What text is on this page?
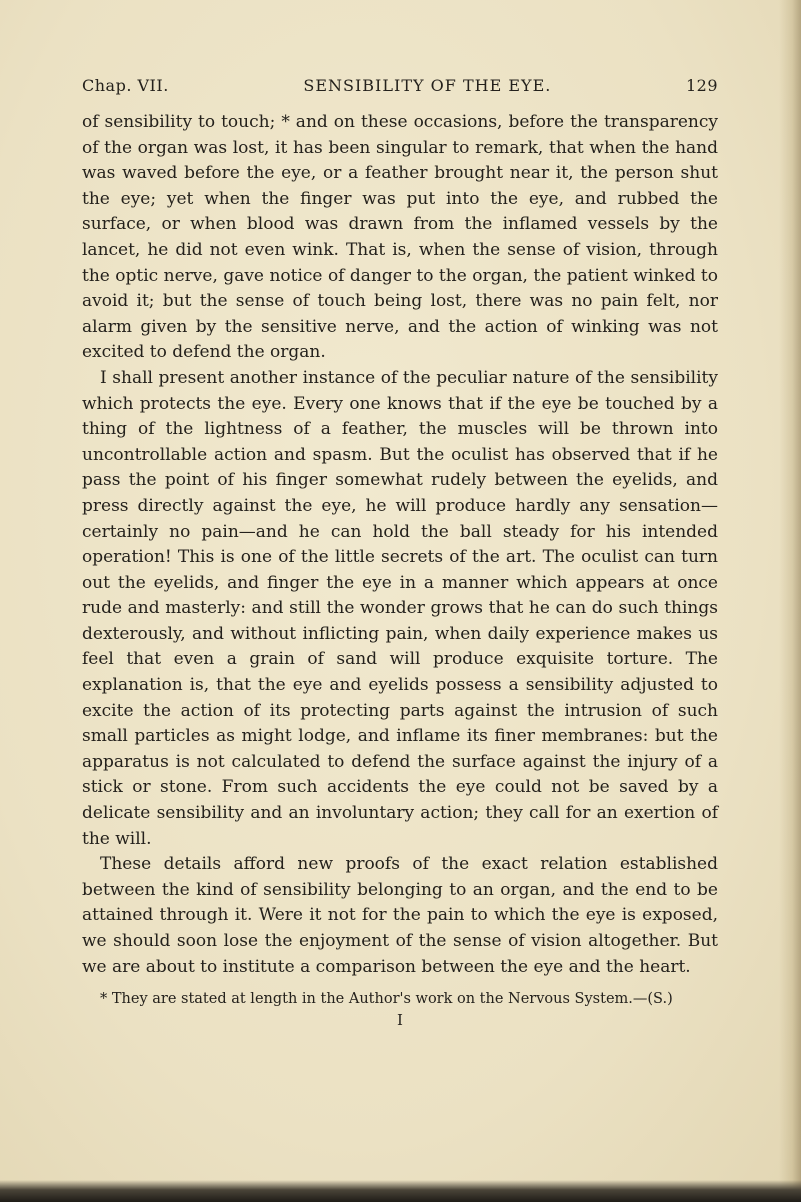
Chap. VII.	SENSIBILITY OF THE EYE.	129

of sensibility to touch; * and on these occasions, before the transparency of the organ was lost, it has been singular to remark, that when the hand was waved before the eye, or a feather brought near it, the person shut the eye; yet when the finger was put into the eye, and rubbed the surface, or when blood was drawn from the inflamed vessels by the lancet, he did not even wink. That is, when the sense of vision, through the optic nerve, gave notice of danger to the organ, the patient winked to avoid it; but the sense of touch being lost, there was no pain felt, nor alarm given by the sensitive nerve, and the action of winking was not excited to defend the organ.

I shall present another instance of the peculiar nature of the sensibility which protects the eye. Every one knows that if the eye be touched by a thing of the lightness of a feather, the muscles will be thrown into uncontrollable action and spasm. But the oculist has observed that if he pass the point of his finger somewhat rudely between the eyelids, and press directly against the eye, he will produce hardly any sensation—certainly no pain—and he can hold the ball steady for his intended operation! This is one of the little secrets of the art. The oculist can turn out the eyelids, and finger the eye in a manner which appears at once rude and masterly: and still the wonder grows that he can do such things dexterously, and without inflicting pain, when daily experience makes us feel that even a grain of sand will produce exquisite torture. The explanation is, that the eye and eyelids possess a sensibility adjusted to excite the action of its protecting parts against the intrusion of such small particles as might lodge, and inflame its finer membranes: but the apparatus is not calculated to defend the surface against the injury of a stick or stone. From such accidents the eye could not be saved by a delicate sensibility and an involuntary action; they call for an exertion of the will.

These details afford new proofs of the exact relation established between the kind of sensibility belonging to an organ, and the end to be attained through it. Were it not for the pain to which the eye is exposed, we should soon lose the enjoyment of the sense of vision altogether. But we are about to institute a comparison between the eye and the heart.

* They are stated at length in the Author's work on the Nervous System.—(S.)
I
